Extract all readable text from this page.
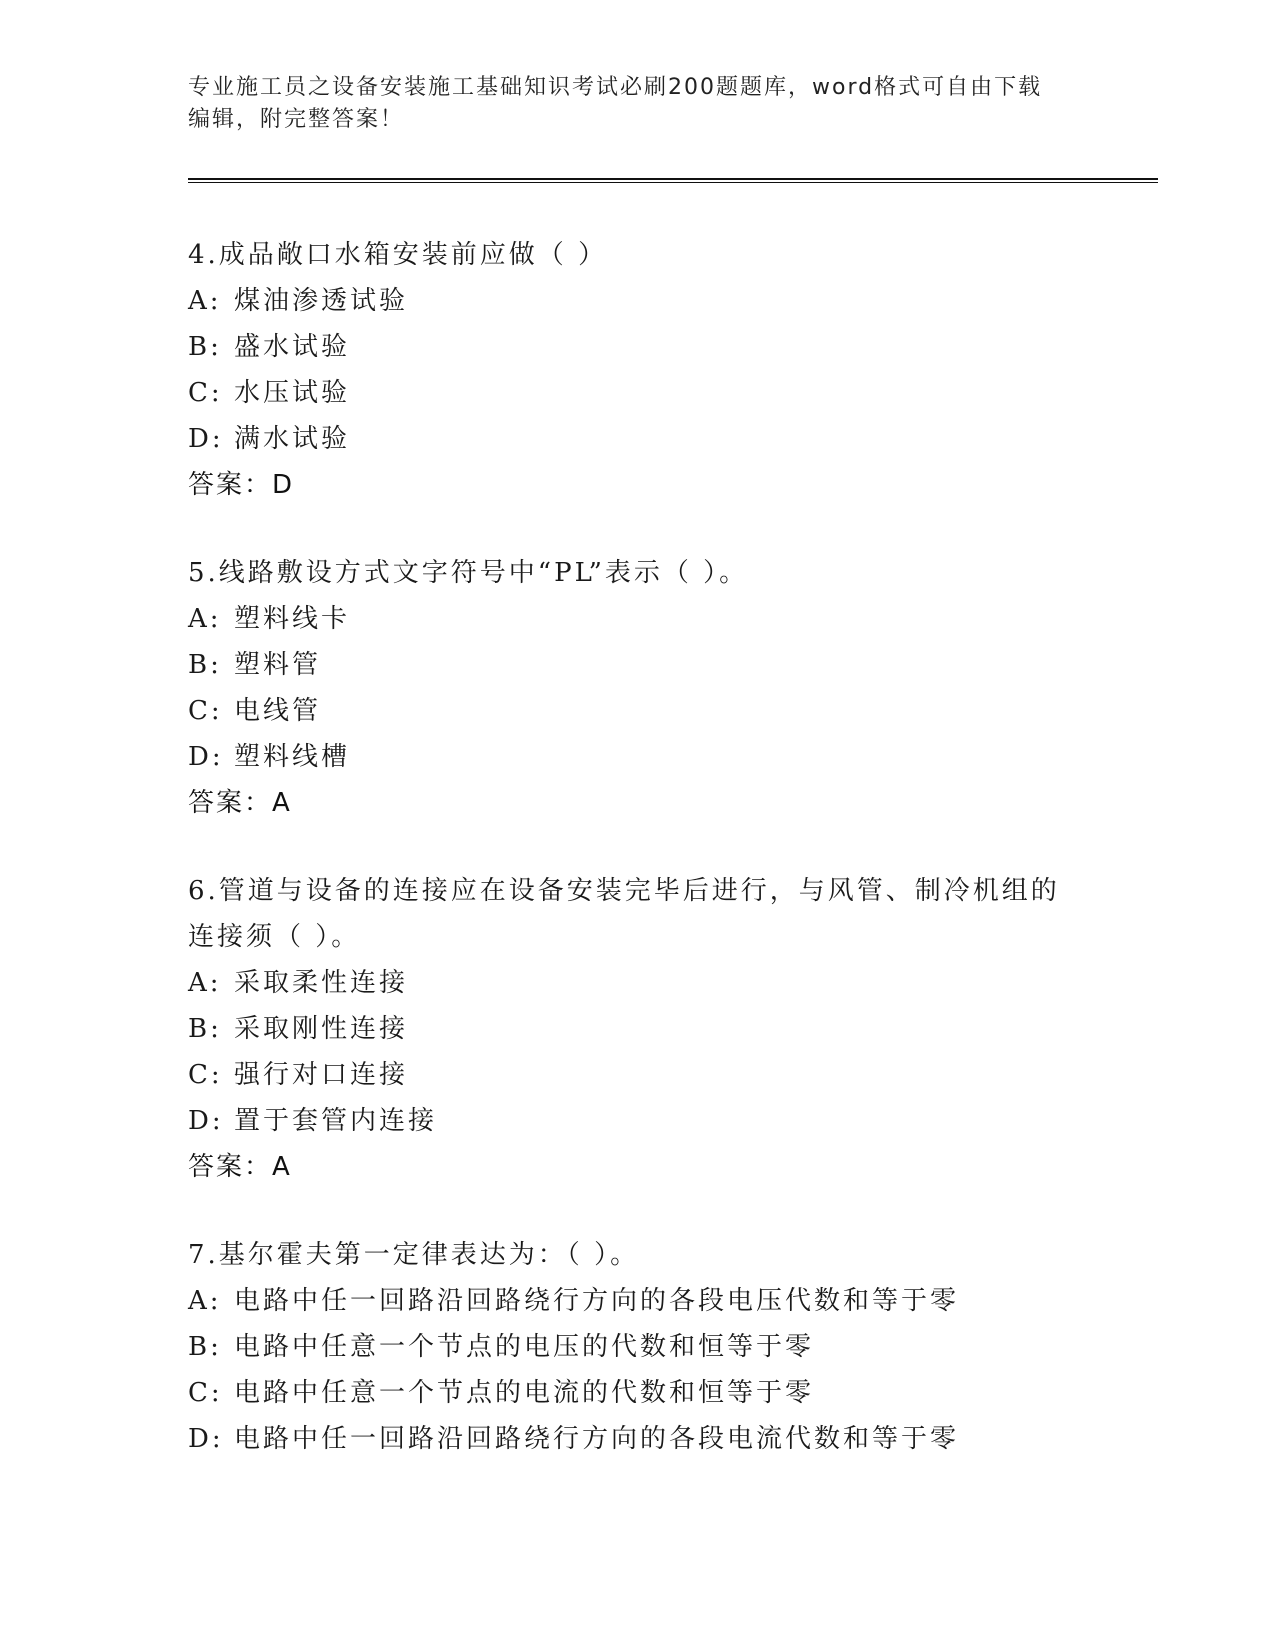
专业施工员之设备安装施工基础知识考试必刷200题题库，word格式可自由下载
编辑，附完整答案！
4.成品敞口水箱安装前应做（ ）
A: 煤油渗透试验
B: 盛水试验
C: 水压试验
D: 满水试验
答案：D
5.线路敷设方式文字符号中“PL”表示（ ）。
A: 塑料线卡
B: 塑料管
C: 电线管
D: 塑料线槽
答案：A
6.管道与设备的连接应在设备安装完毕后进行，与风管、制冷机组的连接须（ ）。
A: 采取柔性连接
B: 采取刚性连接
C: 强行对口连接
D: 置于套管内连接
答案：A
7.基尔霍夫第一定律表达为：（ ）。
A: 电路中任一回路沿回路绕行方向的各段电压代数和等于零
B: 电路中任意一个节点的电压的代数和恒等于零
C: 电路中任意一个节点的电流的代数和恒等于零
D: 电路中任一回路沿回路绕行方向的各段电流代数和等于零
